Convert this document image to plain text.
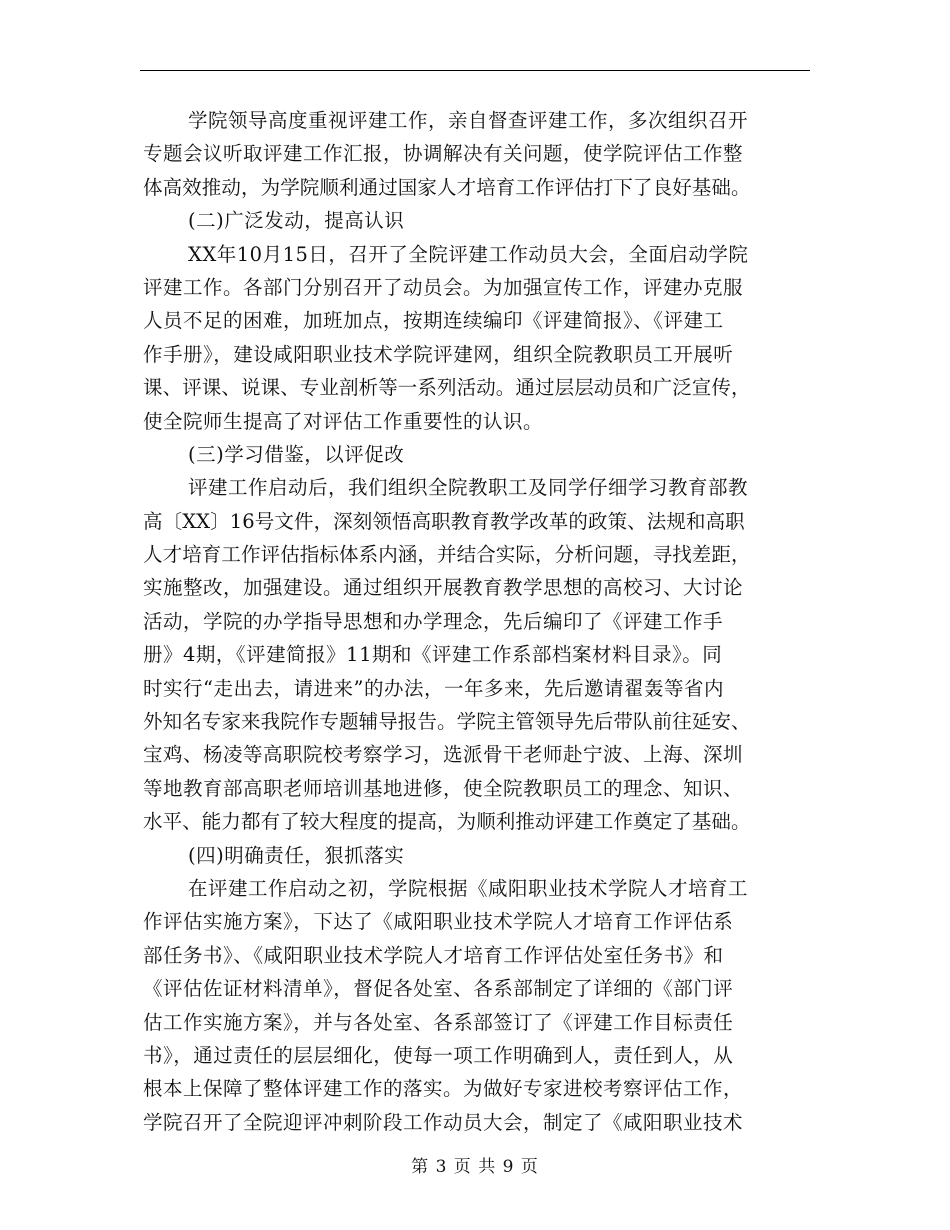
学院领导高度重视评建工作，亲自督查评建工作，多次组织召开
专题会议听取评建工作汇报，协调解决有关问题，使学院评估工作整
体高效推动，为学院顺利通过国家人才培育工作评估打下了良好基础。
(二)广泛发动，提高认识
XX年10月15日，召开了全院评建工作动员大会，全面启动学院
评建工作。各部门分别召开了动员会。为加强宣传工作，评建办克服
人员不足的困难，加班加点，按期连续编印《评建简报》、《评建工
作手册》，建设咸阳职业技术学院评建网，组织全院教职员工开展听
课、评课、说课、专业剖析等一系列活动。通过层层动员和广泛宣传，
使全院师生提高了对评估工作重要性的认识。
(三)学习借鉴，以评促改
评建工作启动后，我们组织全院教职工及同学仔细学习教育部教
高〔XX〕16号文件，深刻领悟高职教育教学改革的政策、法规和高职
人才培育工作评估指标体系内涵，并结合实际，分析问题，寻找差距，
实施整改，加强建设。通过组织开展教育教学思想的高校习、大讨论
活动，学院的办学指导思想和办学理念，先后编印了《评建工作手
册》4期，《评建简报》11期和《评建工作系部档案材料目录》。同
时实行“走出去，请进来”的办法，一年多来，先后邀请翟轰等省内
外知名专家来我院作专题辅导报告。学院主管领导先后带队前往延安、
宝鸡、杨凌等高职院校考察学习，选派骨干老师赴宁波、上海、深圳
等地教育部高职老师培训基地进修，使全院教职员工的理念、知识、
水平、能力都有了较大程度的提高，为顺利推动评建工作奠定了基础。
(四)明确责任，狠抓落实
在评建工作启动之初，学院根据《咸阳职业技术学院人才培育工
作评估实施方案》，下达了《咸阳职业技术学院人才培育工作评估系
部任务书》、《咸阳职业技术学院人才培育工作评估处室任务书》和
《评估佐证材料清单》，督促各处室、各系部制定了详细的《部门评
估工作实施方案》，并与各处室、各系部签订了《评建工作目标责任
书》，通过责任的层层细化，使每一项工作明确到人，责任到人，从
根本上保障了整体评建工作的落实。为做好专家进校考察评估工作，
学院召开了全院迎评冲刺阶段工作动员大会，制定了《咸阳职业技术
第 3 页 共 9 页
